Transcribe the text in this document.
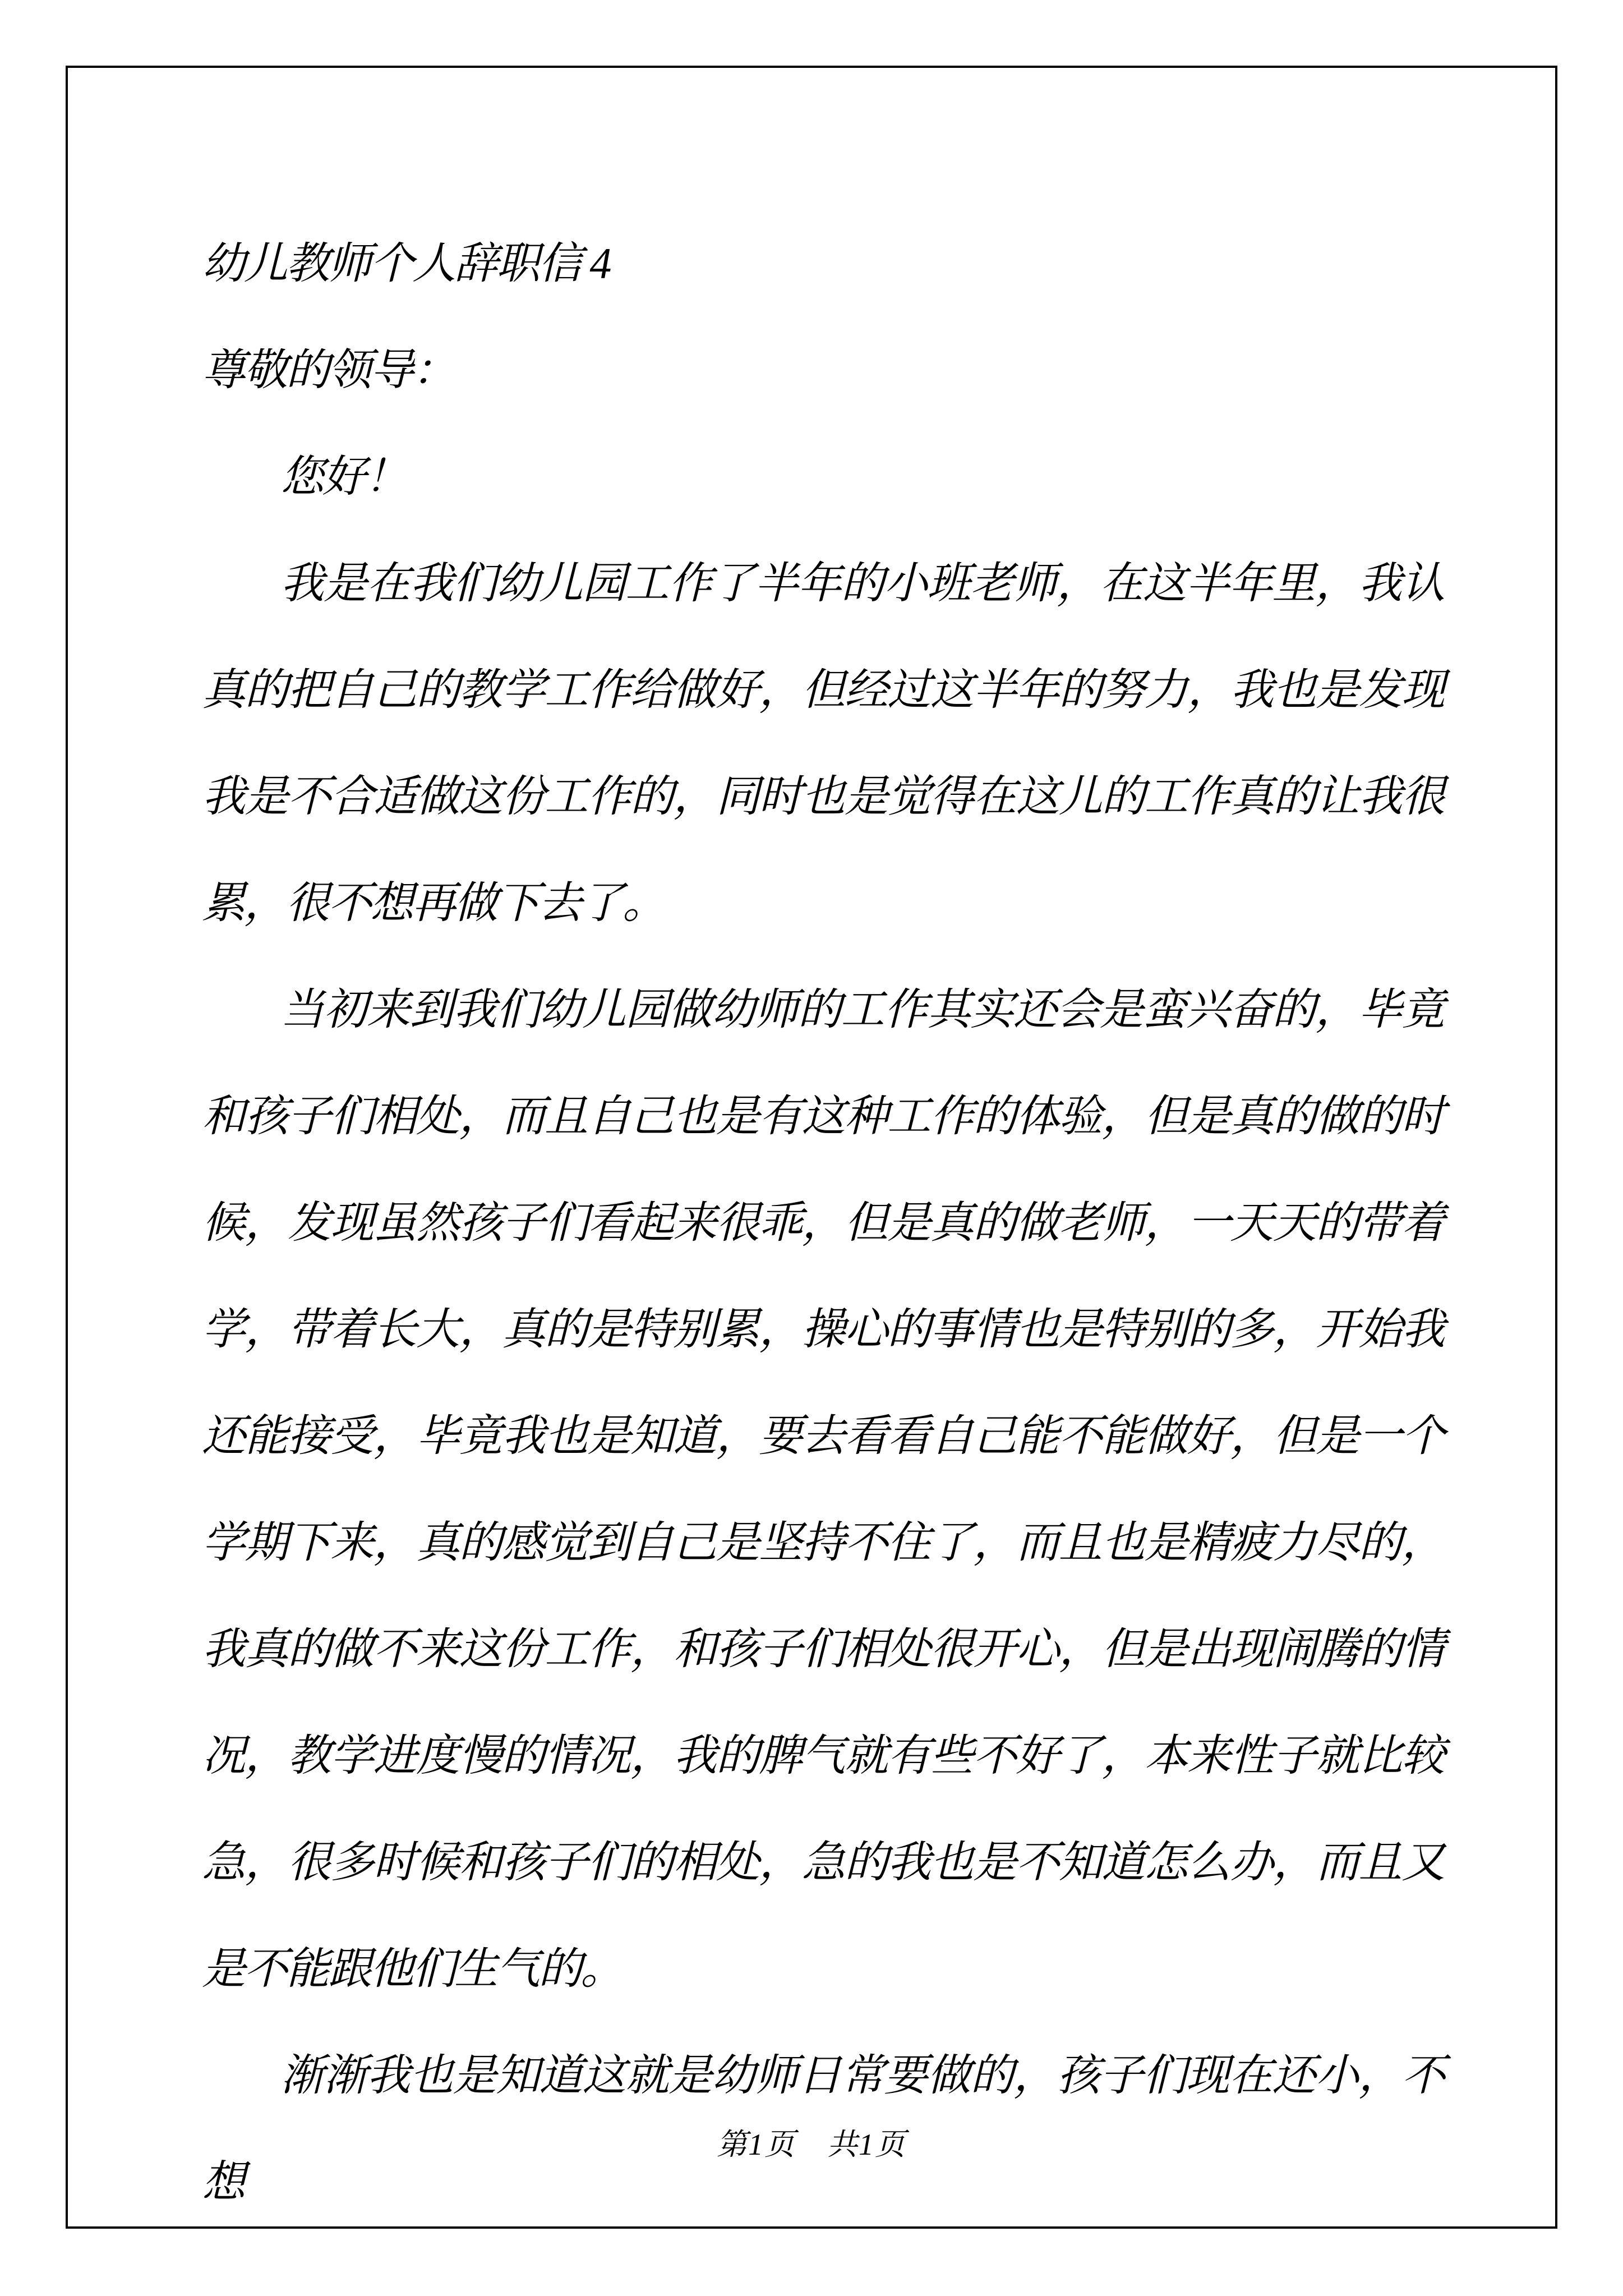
幼儿教师个人辞职信 4

尊敬的领导：

您好！

我是在我们幼儿园工作了半年的小班老师，在这半年里，我认真的把自己的教学工作给做好，但经过这半年的努力，我也是发现我是不合适做这份工作的，同时也是觉得在这儿的工作真的让我很累，很不想再做下去了。

当初来到我们幼儿园做幼师的工作其实还会是蛮兴奋的，毕竟和孩子们相处，而且自己也是有这种工作的体验，但是真的做的时候，发现虽然孩子们看起来很乖，但是真的做老师，一天天的带着学，带着长大，真的是特别累，操心的事情也是特别的多，开始我还能接受，毕竟我也是知道，要去看看自己能不能做好，但是一个学期下来，真的感觉到自己是坚持不住了，而且也是精疲力尽的，我真的做不来这份工作，和孩子们相处很开心，但是出现闹腾的情况，教学进度慢的情况，我的脾气就有些不好了，本来性子就比较急，很多时候和孩子们的相处，急的我也是不知道怎么办，而且又是不能跟他们生气的。

渐渐我也是知道这就是幼师日常要做的，孩子们现在还小，不想

第1页　共1页
